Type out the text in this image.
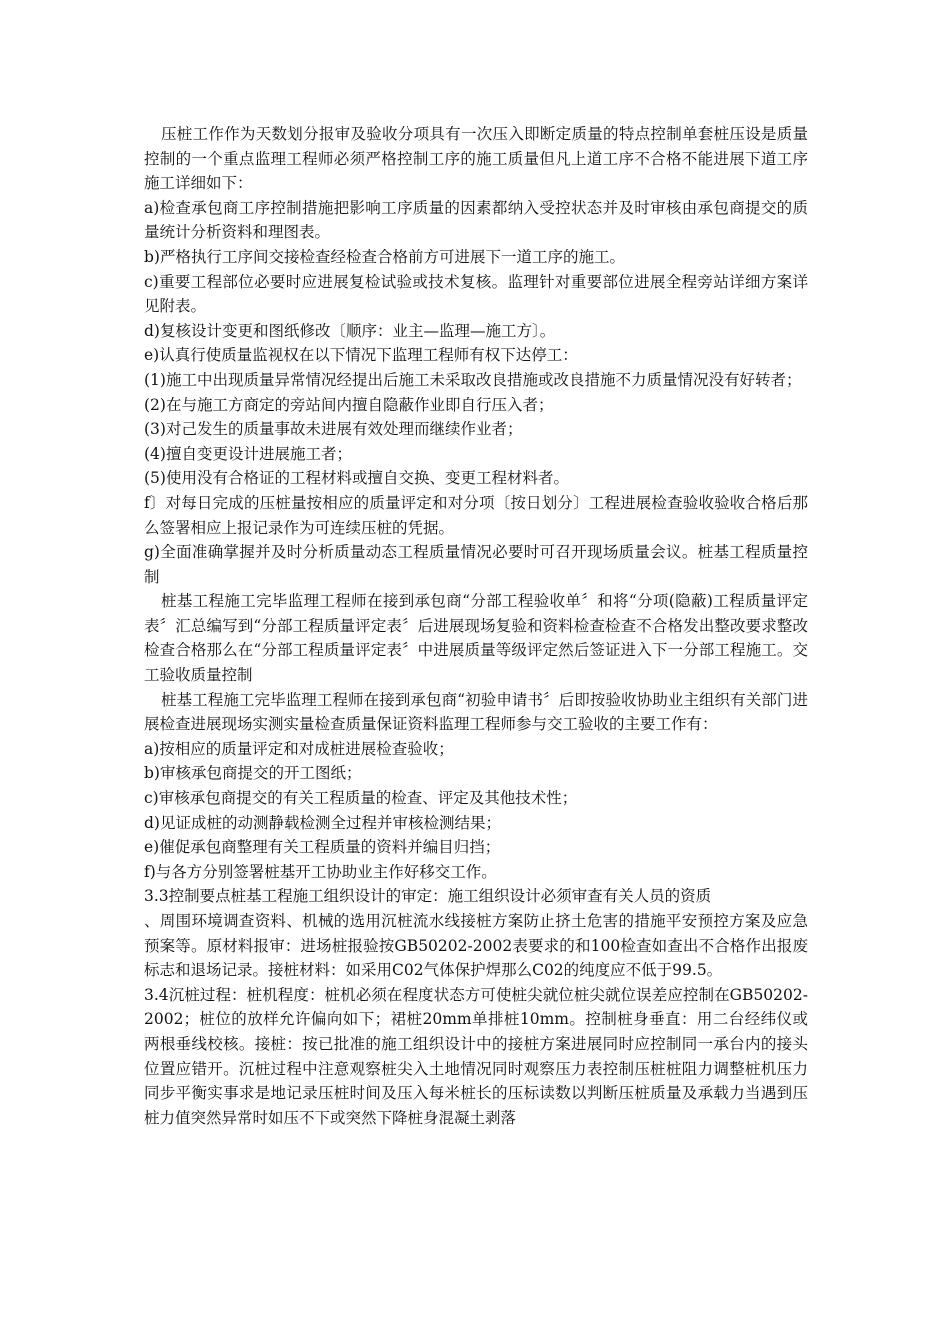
压桩工作作为天数划分报审及验收分项具有一次压入即断定质量的特点控制单套桩压设是质量控制的一个重点监理工程师必须严格控制工序的施工质量但凡上道工序不合格不能进展下道工序施工详细如下：

a)检查承包商工序控制措施把影响工序质量的因素都纳入受控状态并及时审核由承包商提交的质量统计分析资料和理图表。

b)严格执行工序间交接检查经检查合格前方可进展下一道工序的施工。

c)重要工程部位必要时应进展复检试验或技术复核。监理针对重要部位进展全程旁站详细方案详见附表。

d)复核设计变更和图纸修改〔顺序：业主—监理—施工方〕。

e)认真行使质量监视权在以下情况下监理工程师有权下达停工：

(1)施工中出现质量异常情况经提出后施工未采取改良措施或改良措施不力质量情况没有好转者；

(2)在与施工方商定的旁站间内擅自隐蔽作业即自行压入者；

(3)对己发生的质量事故未进展有效处理而继续作业者；

(4)擅自变更设计进展施工者；

(5)使用没有合格证的工程材料或擅自交换、变更工程材料者。

f〕对每日完成的压桩量按相应的质量评定和对分项〔按日划分〕工程进展检查验收验收合格后那么签署相应上报记录作为可连续压桩的凭据。

g)全面准确掌握并及时分析质量动态工程质量情况必要时可召开现场质量会议。桩基工程质量控制

桩基工程施工完毕监理工程师在接到承包商“分部工程验收单〞和将“分项(隐蔽)工程质量评定表〞汇总编写到“分部工程质量评定表〞后进展现场复验和资料检查检查不合格发出整改要求整改检查合格那么在“分部工程质量评定表〞中进展质量等级评定然后签证进入下一分部工程施工。交工验收质量控制

桩基工程施工完毕监理工程师在接到承包商“初验申请书〞后即按验收协助业主组织有关部门进展检查进展现场实测实量检查质量保证资料监理工程师参与交工验收的主要工作有：

a)按相应的质量评定和对成桩进展检查验收；

b)审核承包商提交的开工图纸；

c)审核承包商提交的有关工程质量的检查、评定及其他技术性；

d)见证成桩的动测静载检测全过程并审核检测结果；

e)催促承包商整理有关工程质量的资料并编目归挡；

f)与各方分别签署桩基开工协助业主作好移交工作。

3.3控制要点桩基工程施工组织设计的审定：施工组织设计必须审查有关人员的资质

、周围环境调查资料、机械的选用沉桩流水线接桩方案防止挤土危害的措施平安预控方案及应急预案等。原材料报审：进场桩报验按GB50202-2002表要求的和100检查如查出不合格作出报废标志和退场记录。接桩材料：如采用C02气体保护焊那么C02的纯度应不低于99.5。

3.4沉桩过程：桩机程度：桩机必须在程度状态方可使桩尖就位桩尖就位误差应控制在GB50202-2002；桩位的放样允许偏向如下；裙桩20mm单排桩10mm。控制桩身垂直：用二台经纬仪或两根垂线校核。接桩：按已批准的施工组织设计中的接桩方案进展同时应控制同一承台内的接头位置应错开。沉桩过程中注意观察桩尖入土地情况同时观察压力表控制压桩桩阻力调整桩机压力同步平衡实事求是地记录压桩时间及压入每米桩长的压标读数以判断压桩质量及承载力当遇到压桩力值突然异常时如压不下或突然下降桩身混凝土剥落
